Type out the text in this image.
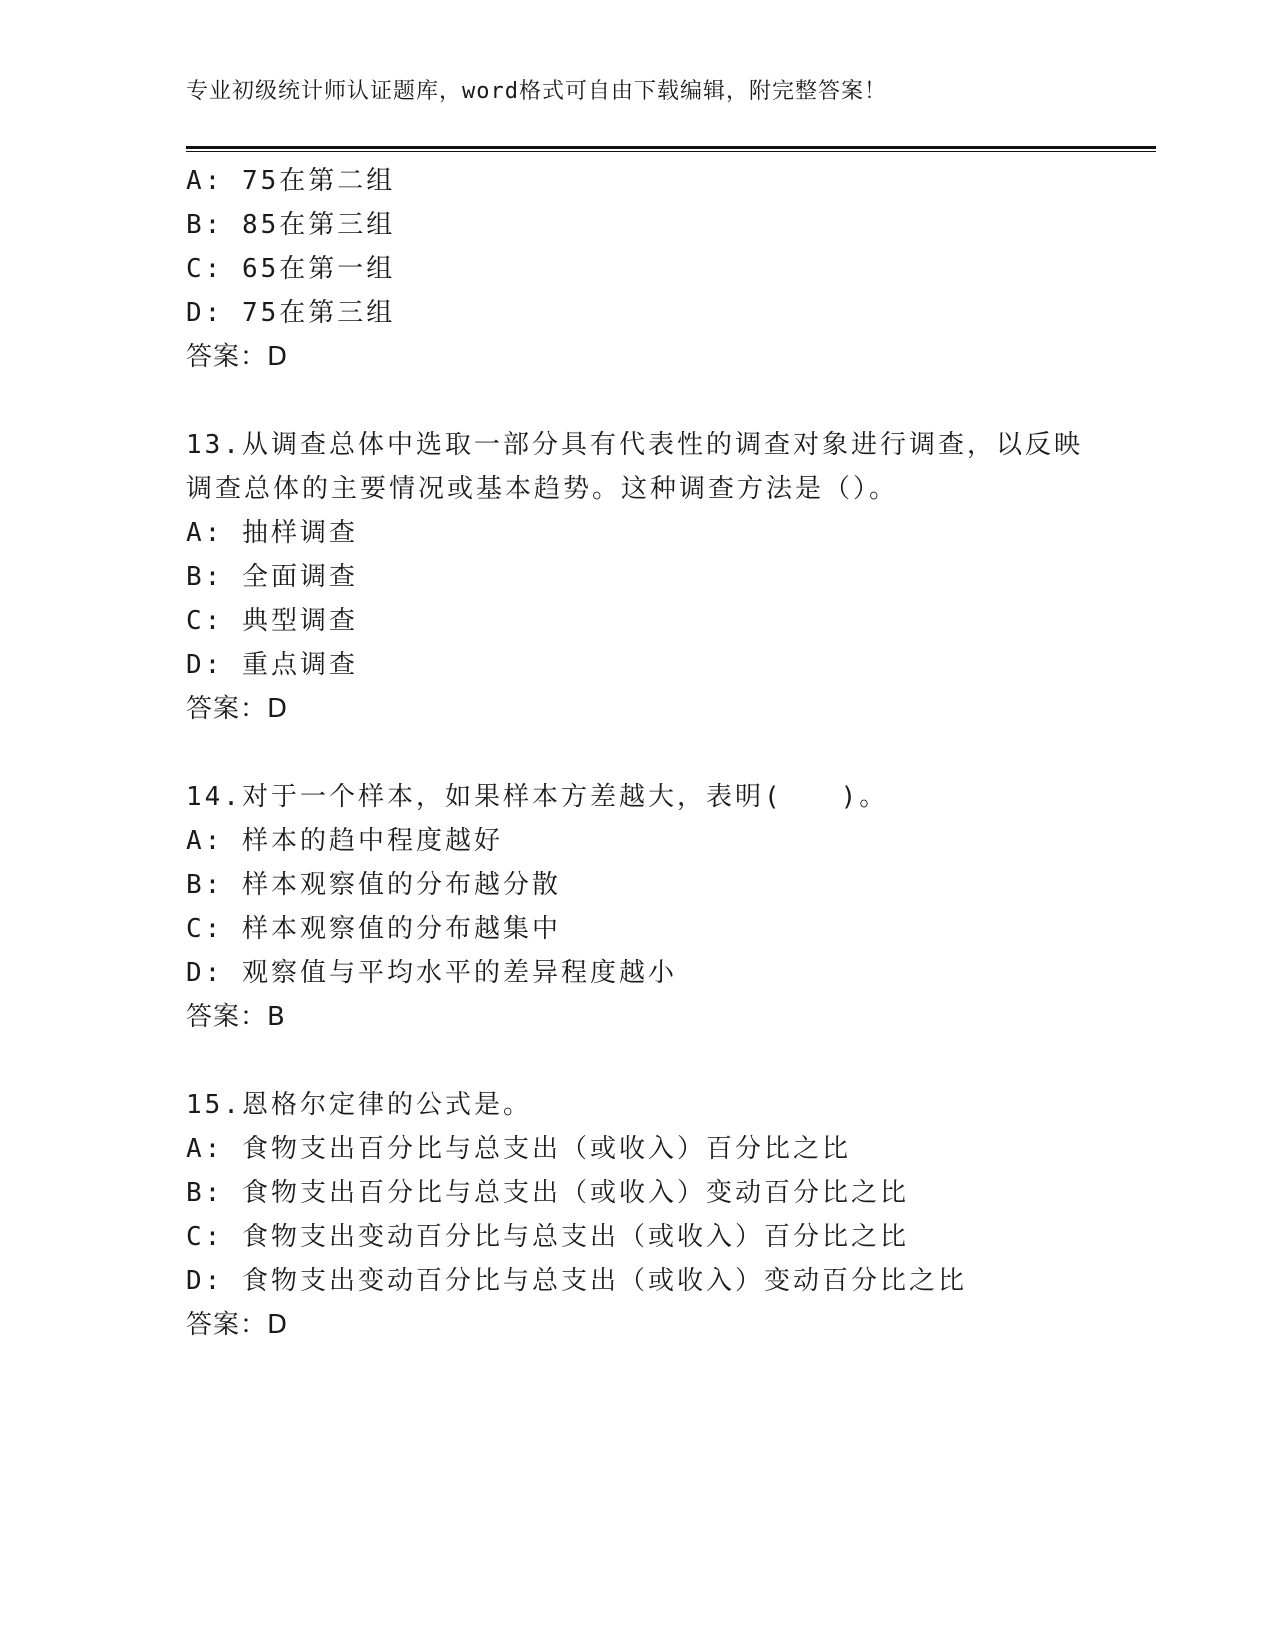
专业初级统计师认证题库，word格式可自由下载编辑，附完整答案！
A: 75在第二组
B: 85在第三组
C: 65在第一组
D: 75在第三组
答案：D
13.从调查总体中选取一部分具有代表性的调查对象进行调查，以反映
调查总体的主要情况或基本趋势。这种调查方法是（）。
A: 抽样调查
B: 全面调查
C: 典型调查
D: 重点调查
答案：D
14.对于一个样本，如果样本方差越大，表明(　　)。
A: 样本的趋中程度越好
B: 样本观察值的分布越分散
C: 样本观察值的分布越集中
D: 观察值与平均水平的差异程度越小
答案：B
15.恩格尔定律的公式是。
A: 食物支出百分比与总支出（或收入）百分比之比
B: 食物支出百分比与总支出（或收入）变动百分比之比
C: 食物支出变动百分比与总支出（或收入）百分比之比
D: 食物支出变动百分比与总支出（或收入）变动百分比之比
答案：D
